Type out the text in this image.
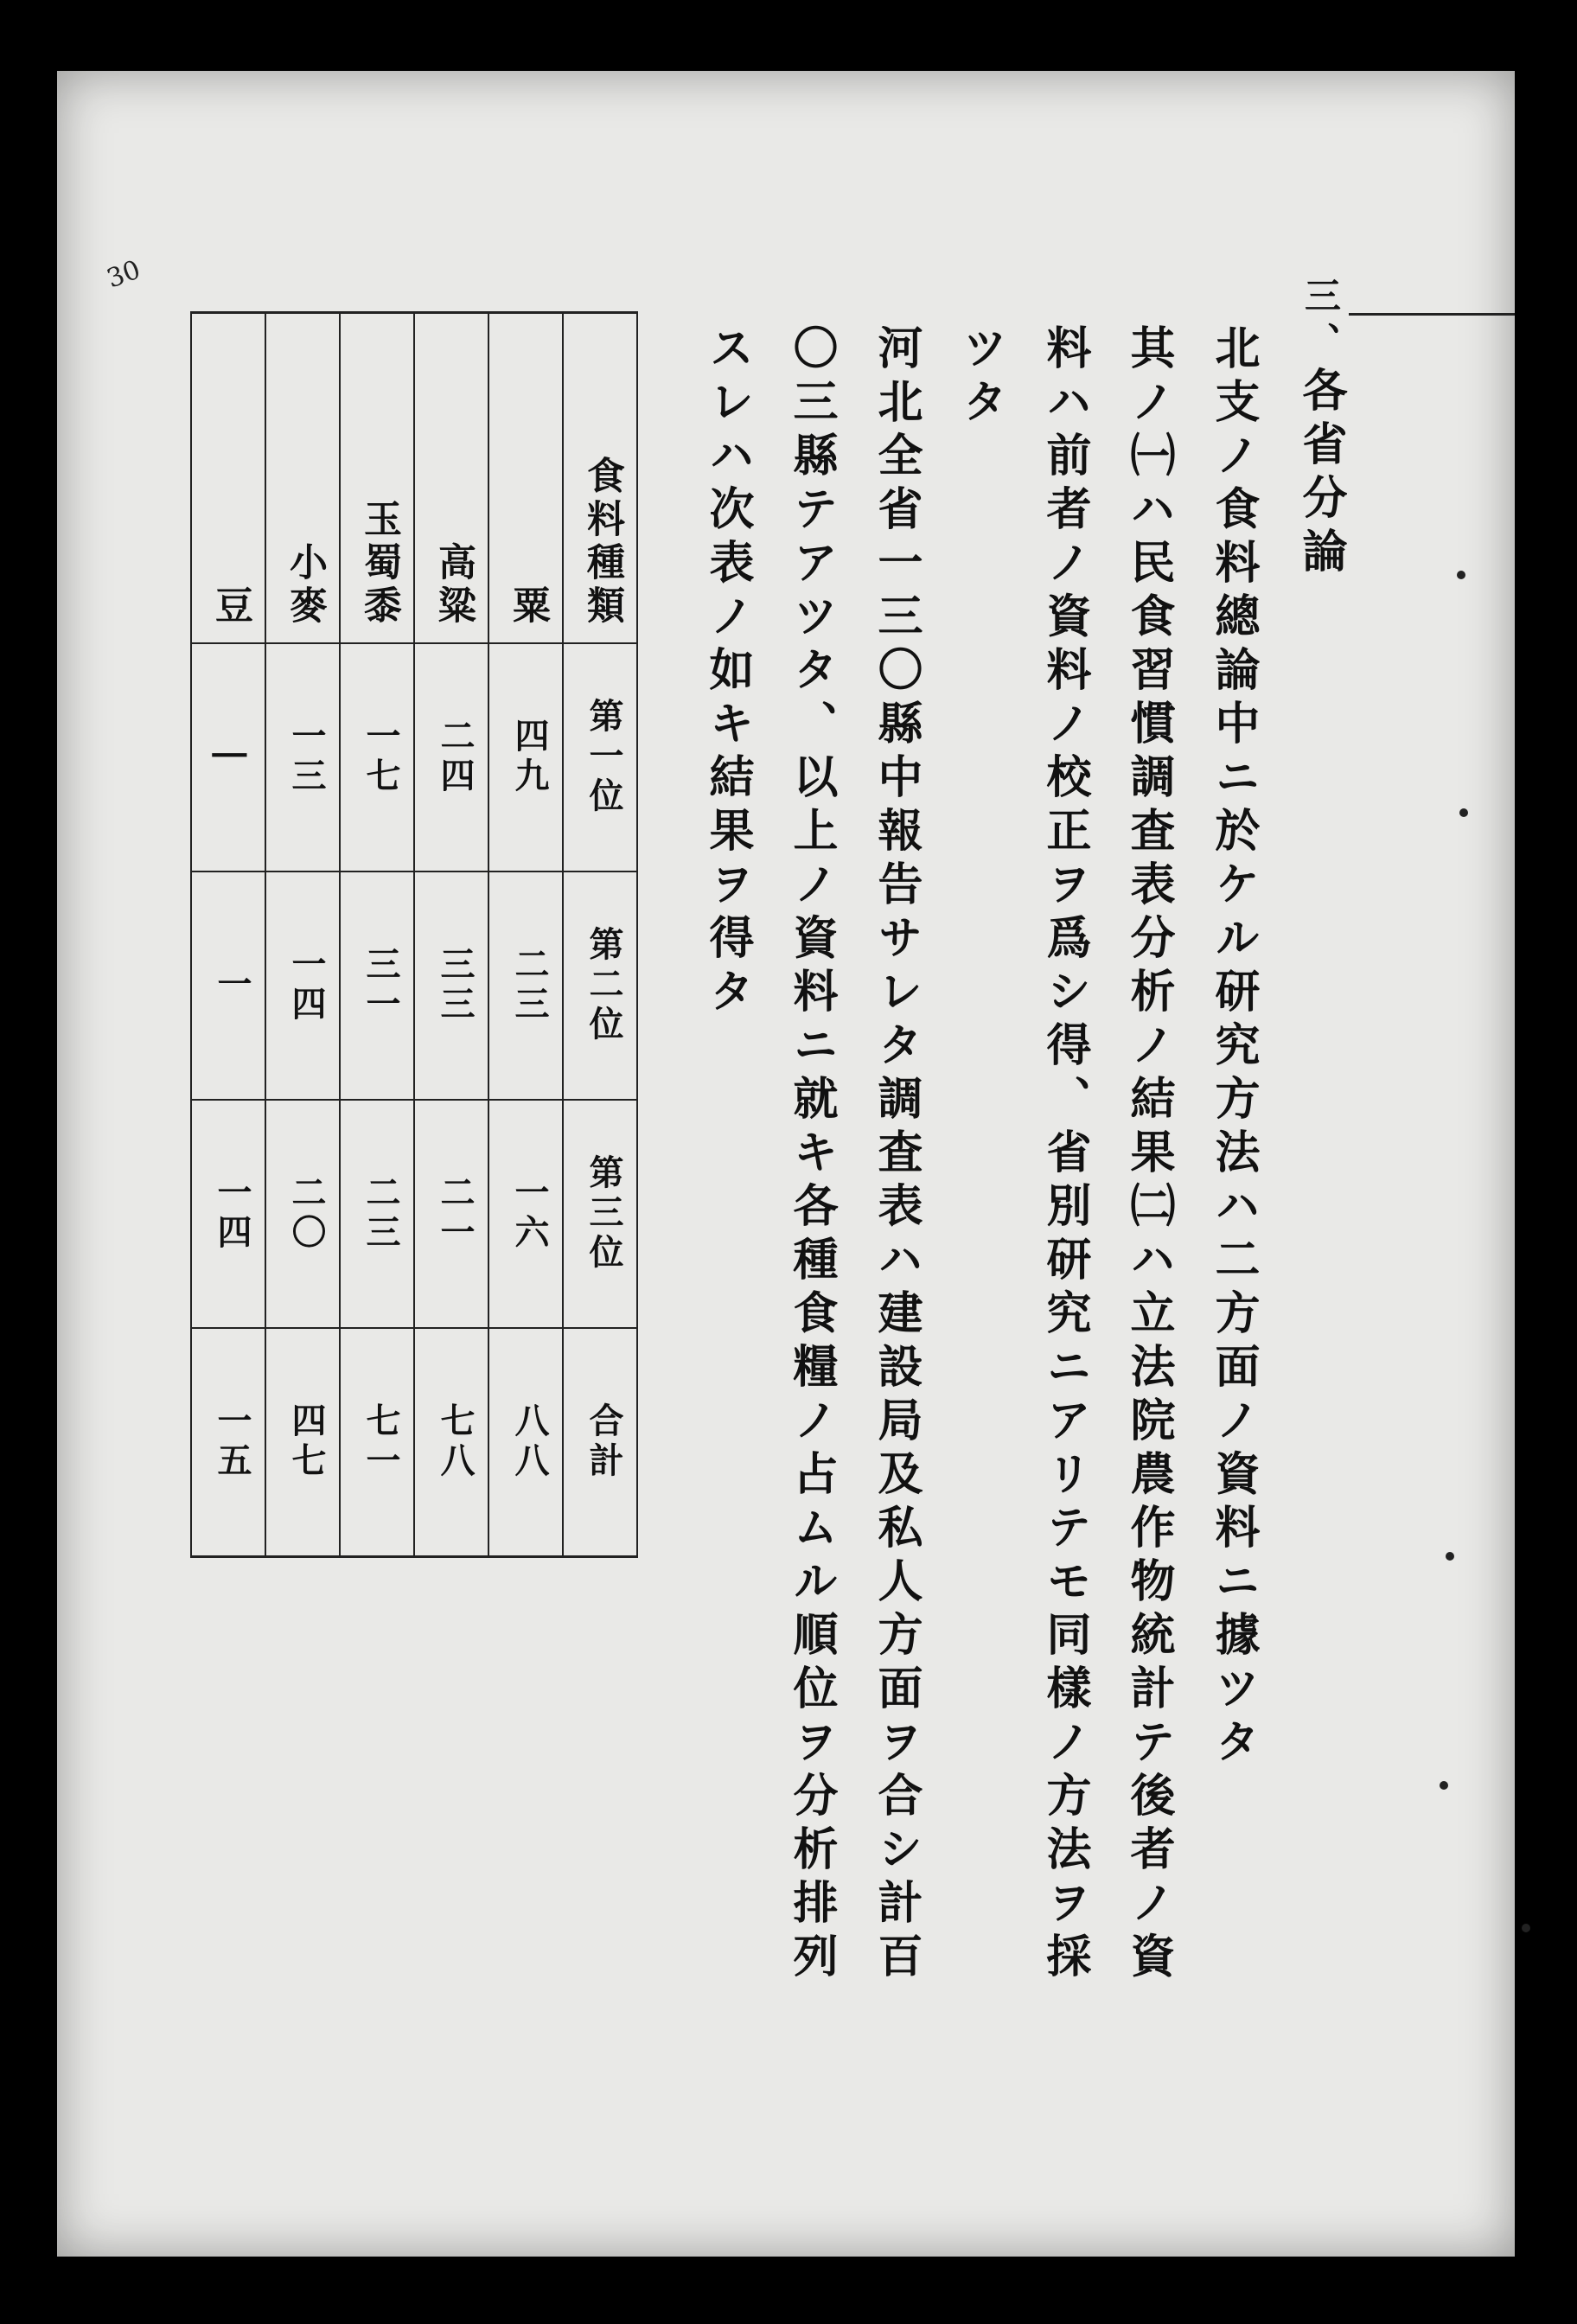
30
三、各省分論
北支ノ食料總論中ニ於ケル研究方法ハ二方面ノ資料ニ據ツタ
其ノ㈠ハ民食習慣調査表分析ノ結果㈡ハ立法院農作物統計テ後者ノ資
料ハ前者ノ資料ノ校正ヲ爲シ得、省別研究ニアリテモ同樣ノ方法ヲ採
ツタ
河北全省一三〇縣中報告サレタ調査表ハ建設局及私人方面ヲ合シ計百
〇三縣テアツタ、以上ノ資料ニ就キ各種食糧ノ占ムル順位ヲ分析排列
スレハ次表ノ如キ結果ヲ得タ
食料種類	粟	高粱	玉蜀黍	小麥	豆

第一位	四九	二四	一七	一三	|

第二位	二三	三三	三一	一四	一

第三位	一六	二一	二三	二〇	一四

合計	八八	七八	七一	四七	一五
